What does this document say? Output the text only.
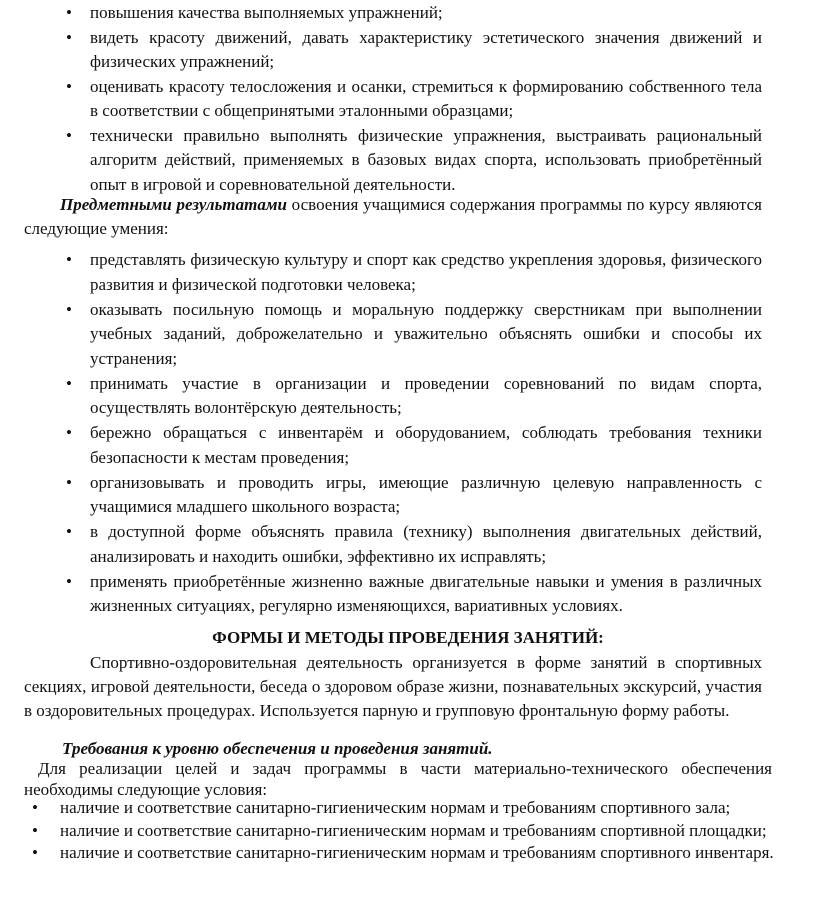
• повышения качества выполняемых упражнений;
• видеть красоту движений, давать характеристику эстетического значения движений и физических упражнений;
• оценивать красоту телосложения и осанки, стремиться к формированию собственного тела в соответствии с общепринятыми эталонными образцами;
• технически правильно выполнять физические упражнения, выстраивать рациональный алгоритм действий, применяемых в базовых видах спорта, использовать приобретённый опыт в игровой и соревновательной деятельности.

Предметными результатами освоения учащимися содержания программы по курсу являются следующие умения:

• представлять физическую культуру и спорт как средство укрепления здоровья, физического развития и физической подготовки человека;
• оказывать посильную помощь и моральную поддержку сверстникам при выполнении учебных заданий, доброжелательно и уважительно объяснять ошибки и способы их устранения;
• принимать участие в организации и проведении соревнований по видам спорта, осуществлять волонтёрскую деятельность;
• бережно обращаться с инвентарём и оборудованием, соблюдать требования техники безопасности к местам проведения;
• организовывать и проводить игры, имеющие различную целевую направленность с учащимися младшего школьного возраста;
• в доступной форме объяснять правила (технику) выполнения двигательных действий, анализировать и находить ошибки, эффективно их исправлять;
• применять приобретённые жизненно важные двигательные навыки и умения в различных жизненных ситуациях, регулярно изменяющихся, вариативных условиях.
ФОРМЫ И МЕТОДЫ ПРОВЕДЕНИЯ ЗАНЯТИЙ:

Спортивно-оздоровительная деятельность организуется в форме занятий в спортивных секциях, игровой деятельности, беседа о здоровом образе жизни, познавательных экскурсий, участия в оздоровительных процедурах. Используется парную и групповую фронтальную форму работы.

Требования к уровню обеспечения и проведения занятий.

Для реализации целей и задач программы в части материально-технического обеспечения необходимы следующие условия:

• наличие и соответствие санитарно-гигиеническим нормам и требованиям спортивного зала;
• наличие и соответствие санитарно-гигиеническим нормам и требованиям спортивной площадки;
• наличие и соответствие санитарно-гигиеническим нормам и требованиям спортивного инвентаря.
